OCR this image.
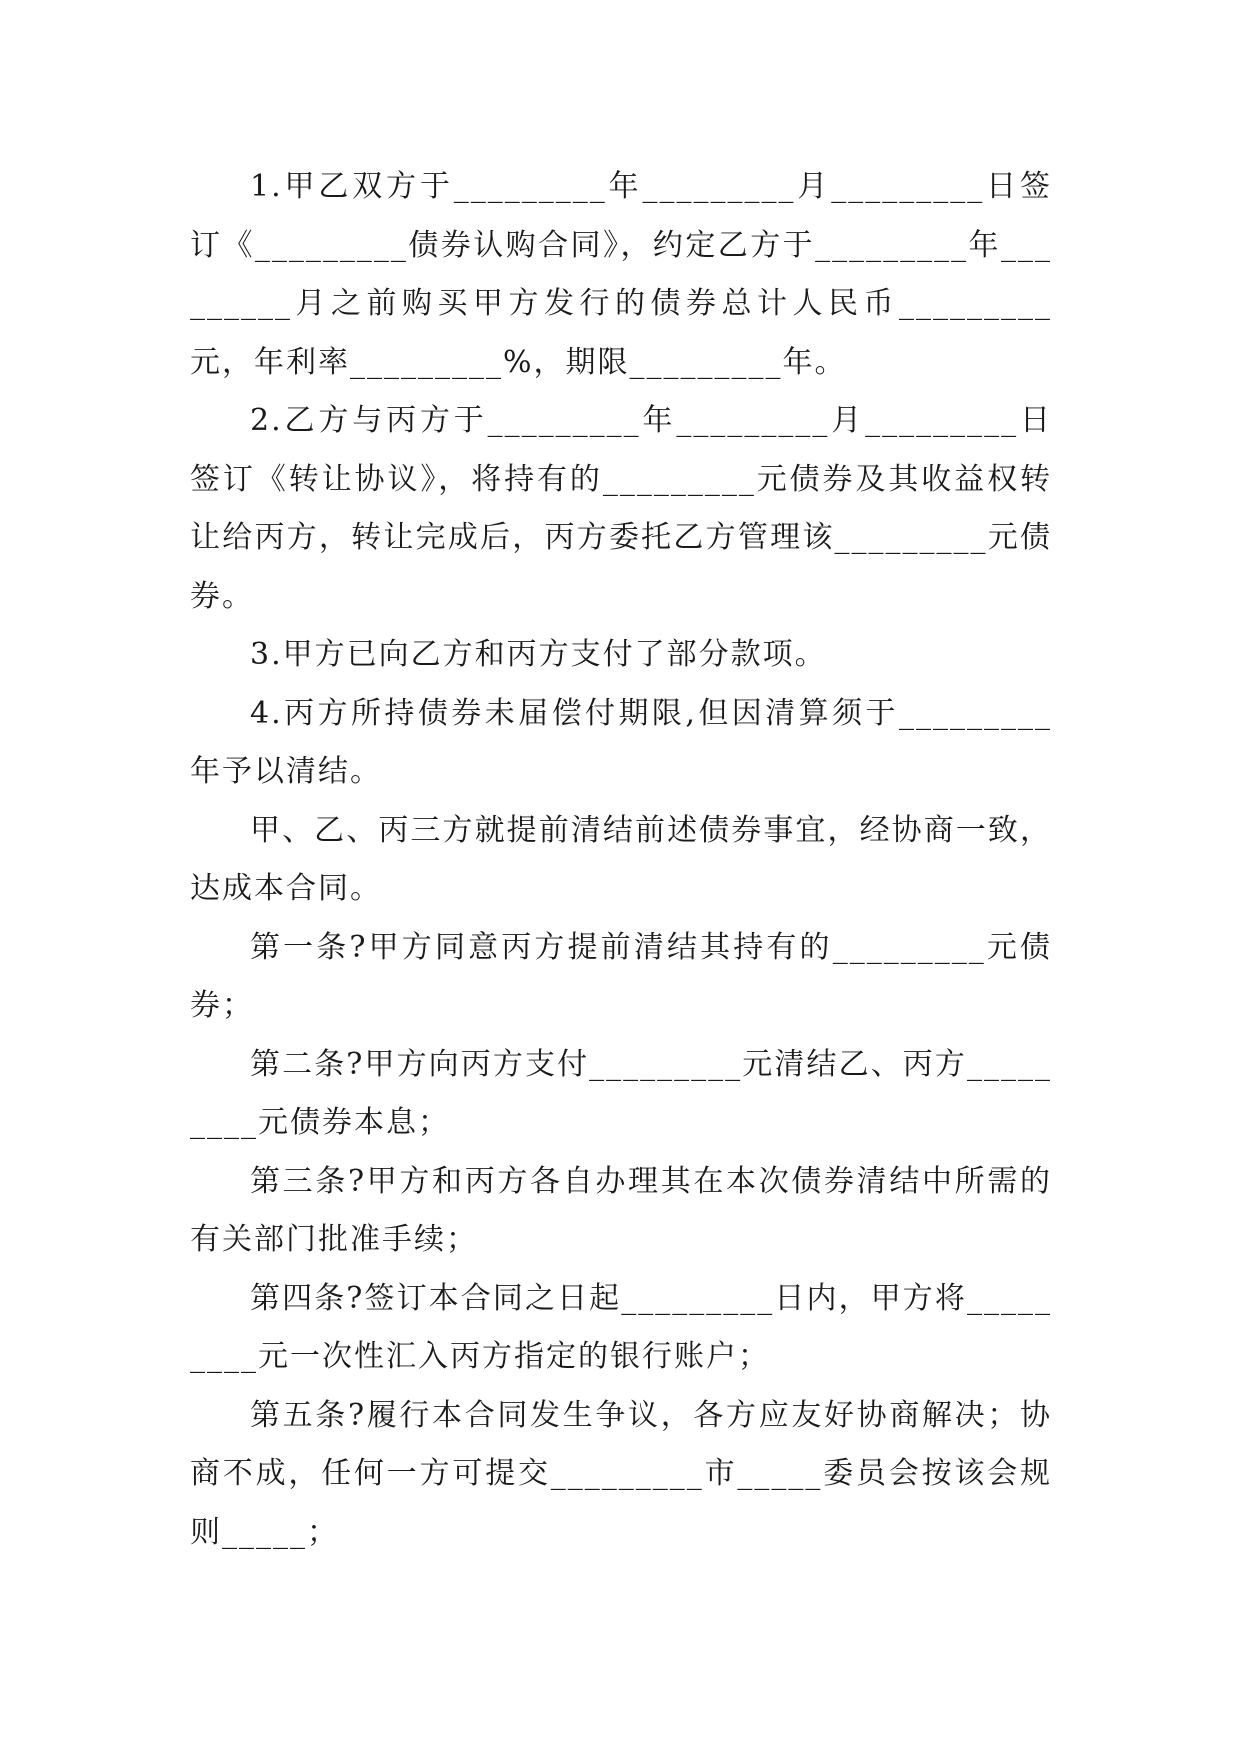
1.甲乙双方于_________年_________月_________日签订《_________债券认购合同》，约定乙方于_________年_________月之前购买甲方发行的债券总计人民币_________元，年利率_________%，期限_________年。

2.乙方与丙方于_________年_________月_________日签订《转让协议》，将持有的_________元债券及其收益权转让给丙方，转让完成后，丙方委托乙方管理该_________元债券。

3.甲方已向乙方和丙方支付了部分款项。

4.丙方所持债券未届偿付期限,但因清算须于_________年予以清结。

甲、乙、丙三方就提前清结前述债券事宜，经协商一致，达成本合同。

第一条?甲方同意丙方提前清结其持有的_________元债券；

第二条?甲方向丙方支付_________元清结乙、丙方_________元债券本息；

第三条?甲方和丙方各自办理其在本次债券清结中所需的有关部门批准手续；

第四条?签订本合同之日起_________日内，甲方将_________元一次性汇入丙方指定的银行账户；

第五条?履行本合同发生争议，各方应友好协商解决；协商不成，任何一方可提交_________市_____委员会按该会规则_____；
